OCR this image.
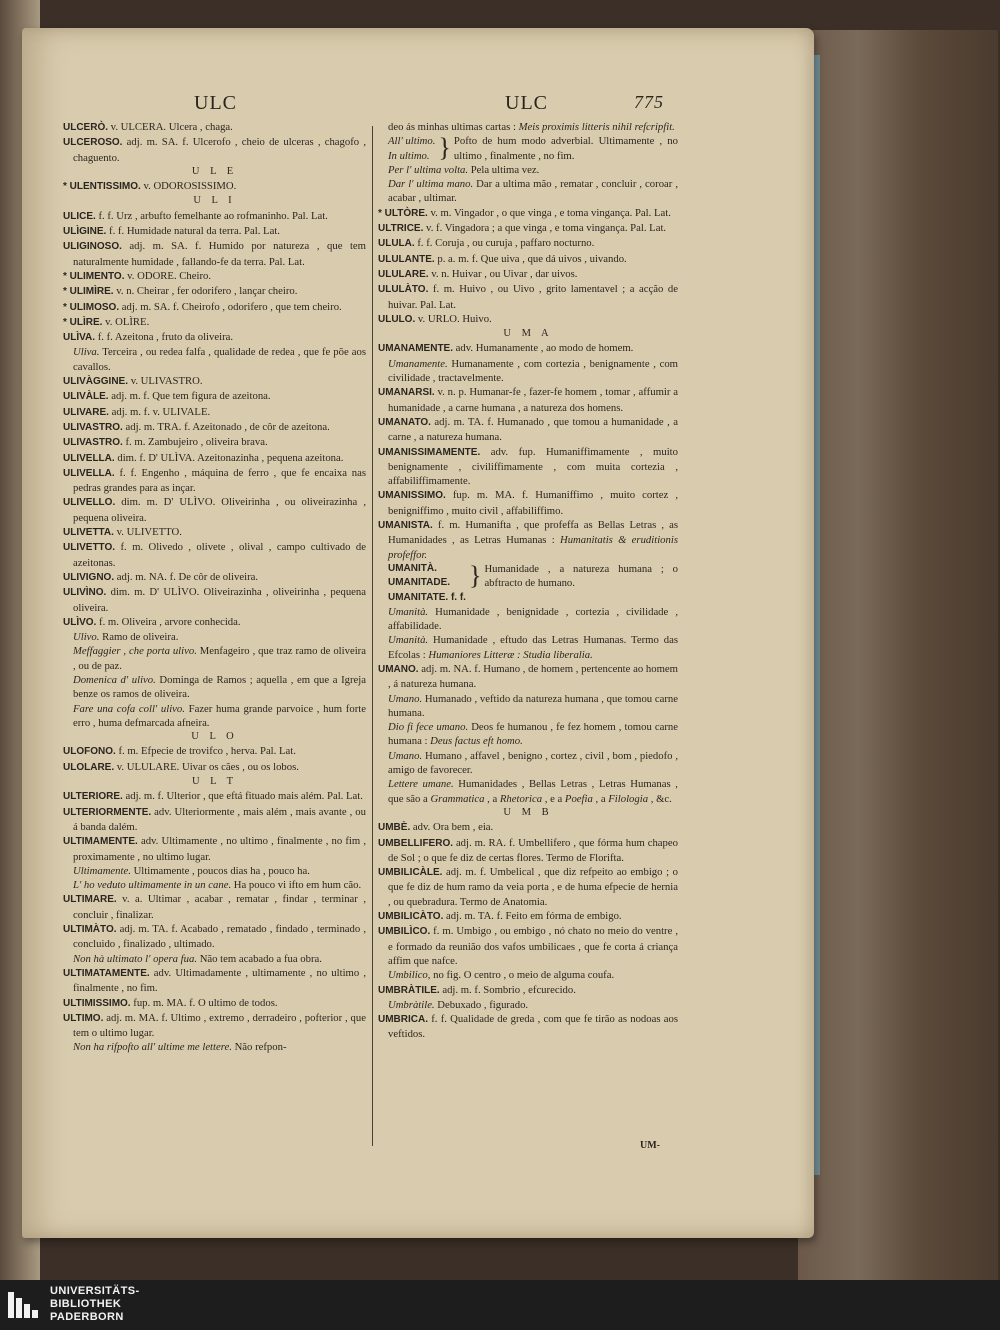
ULC	ULC	775
ULCERÒ. v. ULCERA. Ulcera , chaga.
ULCEROSO. adj. m. SA. f. Ulcerofo , cheio de ulceras , chagofo , chaguento.
U L E
* ULENTISSIMO. v. ODOROSISSIMO.
U L I
ULICE. f. f. Urz , arbufto femelhante ao rofmaninho. Pal. Lat.
ULÌGINE. f. f. Humidade natural da terra. Pal. Lat.
ULIGINOSO. adj. m. SA. f. Humido por natureza , que tem naturalmente humidade , fallando-fe da terra. Pal. Lat.
* ULIMENTO. v. ODORE. Cheiro.
* ULIMÌRE. v. n. Cheirar , fer odorifero , lançar cheiro.
* ULIMOSO. adj. m. SA. f. Cheirofo , odorifero , que tem cheiro.
* ULÌRE. v. OLÌRE.
ULÌVA. f. f. Azeitona , fruto da oliveira.
Uliva. Terceira , ou redea falfa , qualidade de redea , que fe põe aos cavallos.
ULIVÀGGINE. v. ULIVASTRO.
ULIVÀLE. adj. m. f. Que tem figura de azeitona.
ULIVARE. adj. m. f. v. ULIVALE.
ULIVASTRO. adj. m. TRA. f. Azeitonado , de côr de azeitona.
ULIVASTRO. f. m. Zambujeiro , oliveira brava.
ULIVELLA. dim. f. D' ULÌVA. Azeitonazinha , pequena azeitona.
ULIVELLA. f. f. Engenho , máquina de ferro , que fe encaixa nas pedras grandes para as inçar.
ULIVELLO. dim. m. D' ULÌVO. Oliveirinha , ou oliveirazinha , pequena oliveira.
ULIVETTA. v. ULIVETTO.
ULIVETTO. f. m. Olivedo , olivete , olival , campo cultivado de azeitonas.
ULIVIGNO. adj. m. NA. f. De côr de oliveira.
ULIVÌNO. dim. m. D' ULÌVO. Oliveirazinha , oliveirinha , pequena oliveira.
ULÌVO. f. m. Oliveira , arvore conhecida.
Ulivo. Ramo de oliveira.
Meffaggier , che porta ulivo. Menfageiro , que traz ramo de oliveira , ou de paz.
Domenica d' ulivo. Dominga de Ramos ; aquella , em que a Igreja benze os ramos de oliveira.
Fare una cofa coll' ulivo. Fazer huma grande parvoice , hum forte erro , huma defmarcada afneira.
U L O
ULOFONO. f. m. Efpecie de trovifco , herva. Pal. Lat.
ULOLARE. v. ULULARE. Uivar os cães , ou os lobos.
U L T
ULTERIORE. adj. m. f. Ulterior , que eftá fituado mais além. Pal. Lat.
ULTERIORMENTE. adv. Ulteriormente , mais além , mais avante , ou á banda dalém.
ULTIMAMENTE. adv. Ultimamente , no ultimo , finalmente , no fim , proximamente , no ultimo lugar.
Ultimamente. Ultimamente , poucos dias ha , pouco ha.
L' ho veduto ultimamente in un cane. Ha pouco vi ifto em hum cão.
ULTIMARE. v. a. Ultimar , acabar , rematar , findar , terminar , concluir , finalizar.
ULTIMÀTO. adj. m. TA. f. Acabado , rematado , findado , terminado , concluido , finalizado , ultimado.
Non hà ultimato l' opera fua. Não tem acabado a fua obra.
ULTIMATAMENTE. adv. Ultimadamente , ultimamente , no ultimo , finalmente , no fim.
ULTIMISSIMO. fup. m. MA. f. O ultimo de todos.
ULTIMO. adj. m. MA. f. Ultimo , extremo , derradeiro , pofterior , que tem o ultimo lugar.
Non ha rifpofto all' ultime me lettere. Não refpon-
deo ás minhas ultimas cartas : Meis proximis litteris nihil refcripfit.
All' ultimo.
In ultimo. } Pofto de hum modo adverbial. Ultimamente , no ultimo , finalmente , no fim.
Per l' ultima volta. Pela ultima vez.
Dar l' ultima mano. Dar a ultima mão , rematar , concluir , coroar , acabar , ultimar.
* ULTÒRE. v. m. Vingador , o que vinga , e toma vingança. Pal. Lat.
ULTRICE. v. f. Vingadora ; a que vinga , e toma vingança. Pal. Lat.
ULULA. f. f. Coruja , ou curuja , paffaro nocturno.
ULULANTE. p. a. m. f. Que uiva , que dá uivos , uivando.
ULULARE. v. n. Huivar , ou Uivar , dar uivos.
ULULÀTO. f. m. Huivo , ou Uivo , grito lamentavel ; a acção de huivar. Pal. Lat.
ULULO. v. URLO. Huivo.
U M A
UMANAMENTE. adv. Humanamente , ao modo de homem.
Umanamente. Humanamente , com cortezia , benignamente , com civilidade , tractavelmente.
UMANARSI. v. n. p. Humanar-fe , fazer-fe homem , tomar , affumir a humanidade , a carne humana , a natureza dos homens.
UMANATO. adj. m. TA. f. Humanado , que tomou a humanidade , a carne , a natureza humana.
UMANISSIMAMENTE. adv. fup. Humaniffimamente , muito benignamente , civiliffimamente , com muita cortezia , affabiliffimamente.
UMANISSIMO. fup. m. MA. f. Humaniffimo , muito cortez , benigniffimo , muito civil , affabiliffimo.
UMANISTA. f. m. Humanifta , que profeffa as Bellas Letras , as Humanidades , as Letras Humanas : Humanitatis & eruditionis profeffor.
UMANITÀ.
UMANITADE.
UMANITATE. f. f.
} Humanidade , a natureza humana ; o abftracto de humano.
Umanità. Humanidade , benignidade , cortezia , civilidade , affabilidade.
Umanità. Humanidade , eftudo das Letras Humanas. Termo das Efcolas : Humaniores Litteræ : Studia liberalia.
UMANO. adj. m. NA. f. Humano , de homem , pertencente ao homem , á natureza humana.
Umano. Humanado , veftido da natureza humana , que tomou carne humana.
Dio fi fece umano. Deos fe humanou , fe fez homem , tomou carne humana : Deus factus eft homo.
Umano. Humano , affavel , benigno , cortez , civil , bom , piedofo , amigo de favorecer.
Lettere umane. Humanidades , Bellas Letras , Letras Humanas , que são a Grammatica , a Rhetorica , e a Poefia , a Filologia , &c.
U M B
UMBÈ. adv. Ora bem , eia.
UMBELLIFERO. adj. m. RA. f. Umbellifero , que fórma hum chapeo de Sol ; o que fe diz de certas flores. Termo de Florifta.
UMBILICÀLE. adj. m. f. Umbelical , que diz refpeito ao embigo ; o que fe diz de hum ramo da veia porta , e de huma efpecie de hernia , ou quebradura. Termo de Anatomia.
UMBILICÀTO. adj. m. TA. f. Feito em fórma de embigo.
UMBILÌCO. f. m. Umbigo , ou embigo , nó chato no meio do ventre , e formado da reunião dos vafos umbilicaes , que fe corta á criança affim que nafce.
Umbilico, no fig. O centro , o meio de alguma coufa.
UMBRÀTILE. adj. m. f. Sombrio , efcurecido.
Umbràtile. Debuxado , figurado.
UMBRICA. f. f. Qualidade de greda , com que fe tirão as nodoas aos veftidos.
UM-
UNIVERSITÄTS-
BIBLIOTHEK
PADERBORN
